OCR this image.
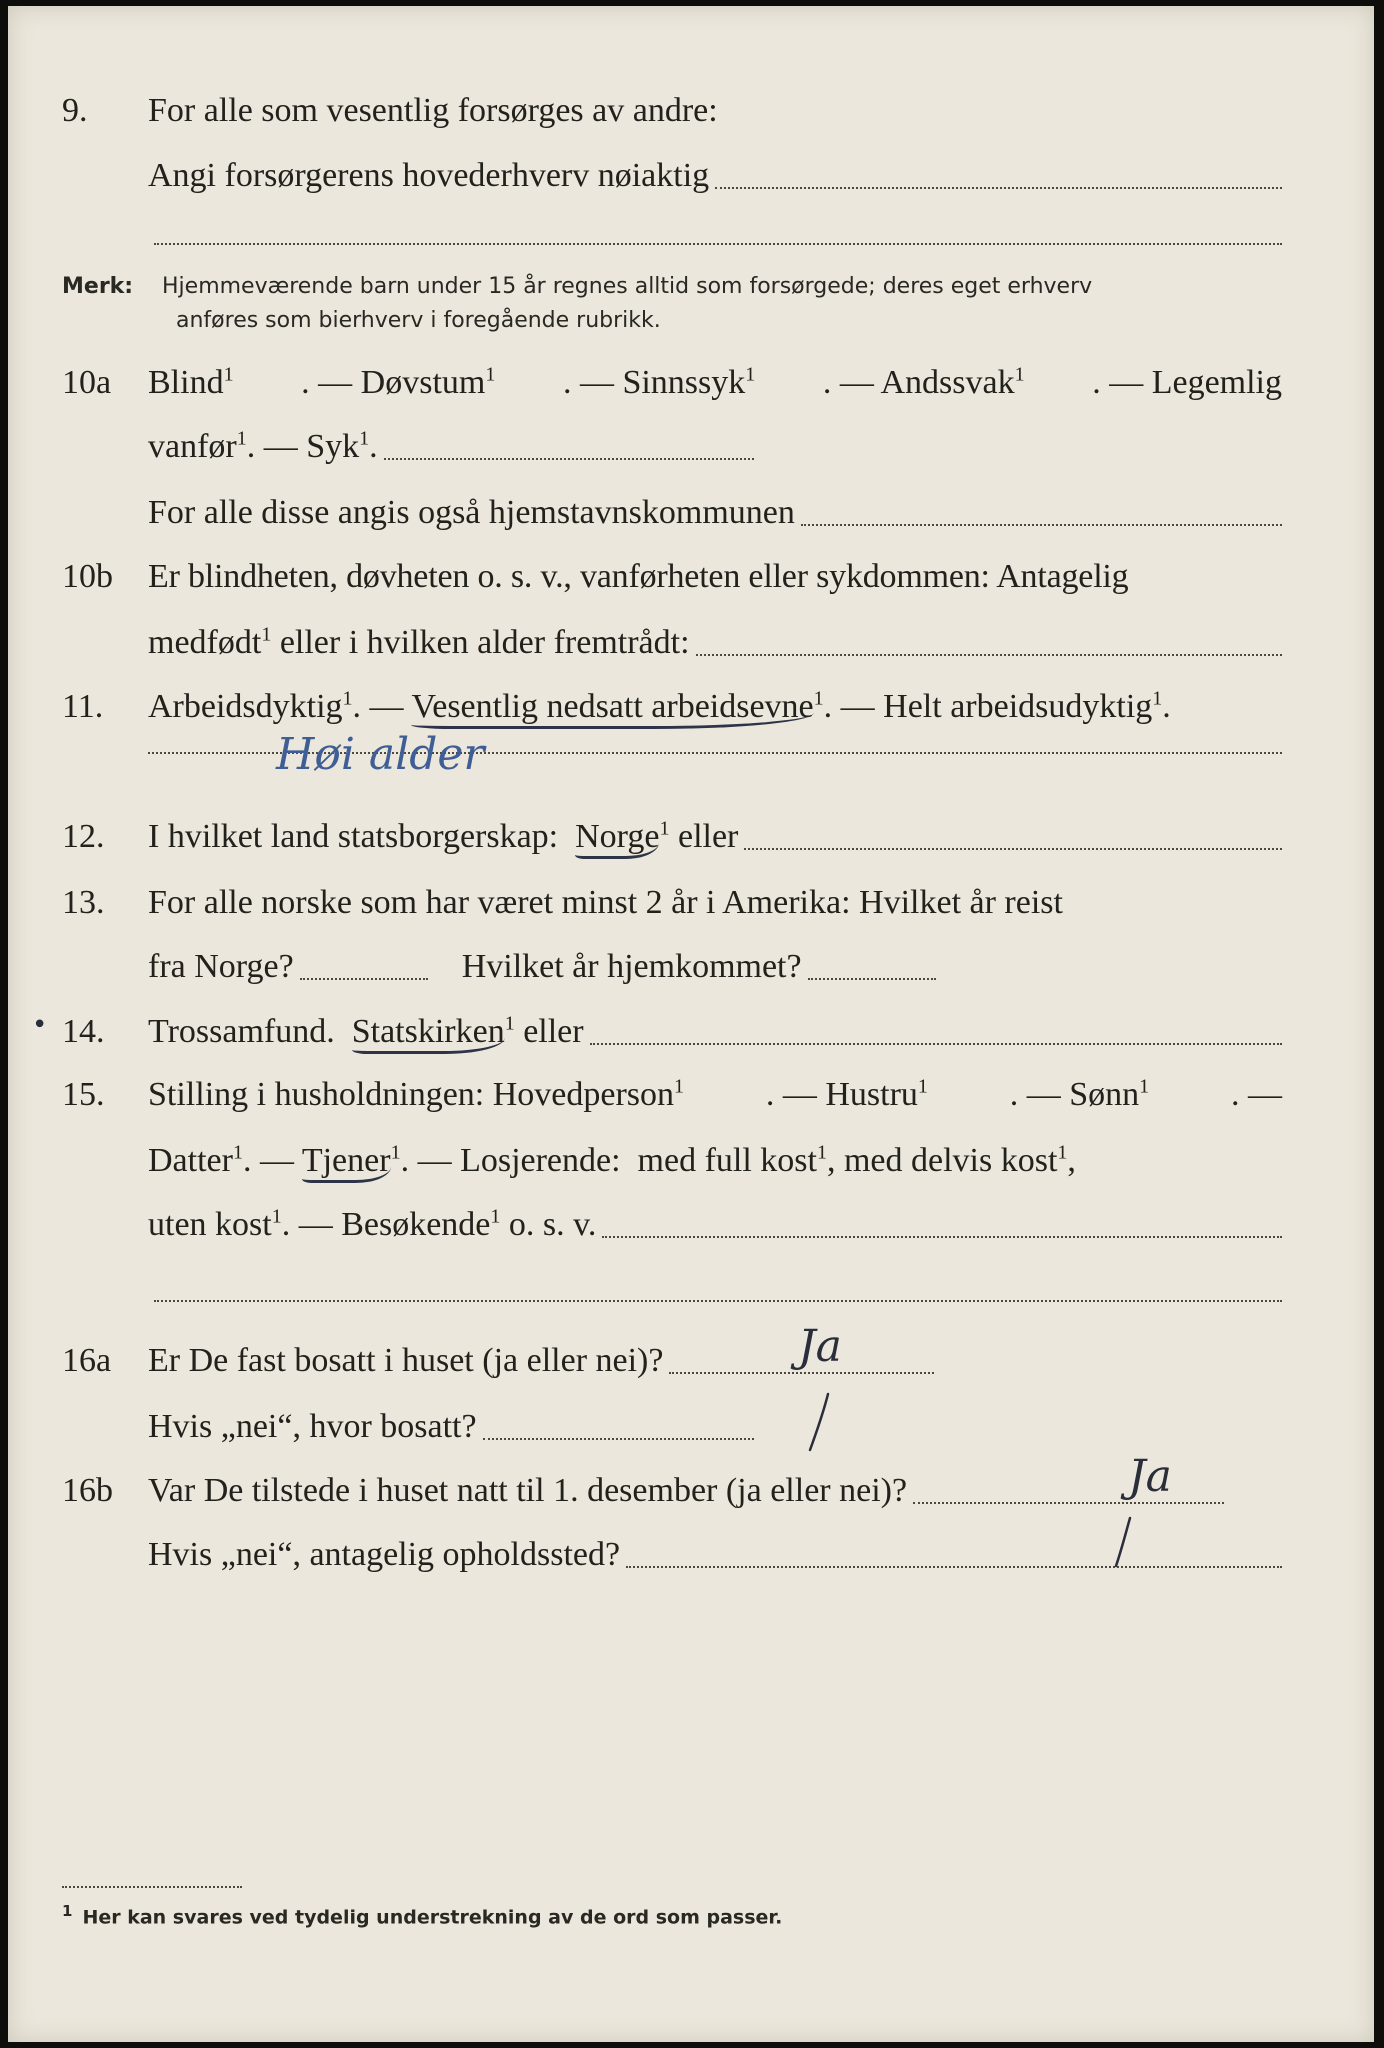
9.	For alle som vesentlig forsørges av andre:
Angi forsørgerens hovederhverv nøiaktig
Merk: Hjemmeværende barn under 15 år regnes alltid som forsørgede; deres eget erhverv
anføres som bierhverv i foregående rubrikk.
10a	Blind$^1$ . — Døvstum$^1$ . — Sinnssyk$^1$ . — Andssvak$^1$ . — Legemlig
vanfør$^1$. — Syk$^1$.
For alle disse angis også hjemstavnskommunen
10b	Er blindheten, døvheten o. s. v., vanførheten eller sykdommen: Antagelig
medfødt$^1$ eller i hvilken alder fremtrådt:
11.	Arbeidsdyktig$^1$. — Vesentlig nedsatt arbeidsevne$^1$. — Helt arbeidsudyktig$^1$.
Høi alder
12.	I hvilket land statsborgerskap:  Norge$^1$ eller
13.	For alle norske som har været minst 2 år i Amerika: Hvilket år reist
fra Norge?	Hvilket år hjemkommet?
• 14.	Trossamfund.  Statskirken$^1$ eller
15.	Stilling i husholdningen: Hovedperson$^1$ . — Hustru$^1$ . — Sønn$^1$ . —
Datter$^1$. — Tjener$^1$. — Losjerende:  med full kost$^1$, med delvis kost$^1$,
uten kost$^1$. — Besøkende$^1$ o. s. v.
16a	Er De fast bosatt i huset (ja eller nei)?	Ja
Hvis „nei“, hvor bosatt?
16b	Var De tilstede i huset natt til 1. desember (ja eller nei)?	Ja
Hvis „nei“, antagelig opholdssted?
$^1$ Her kan svares ved tydelig understrekning av de ord som passer.
